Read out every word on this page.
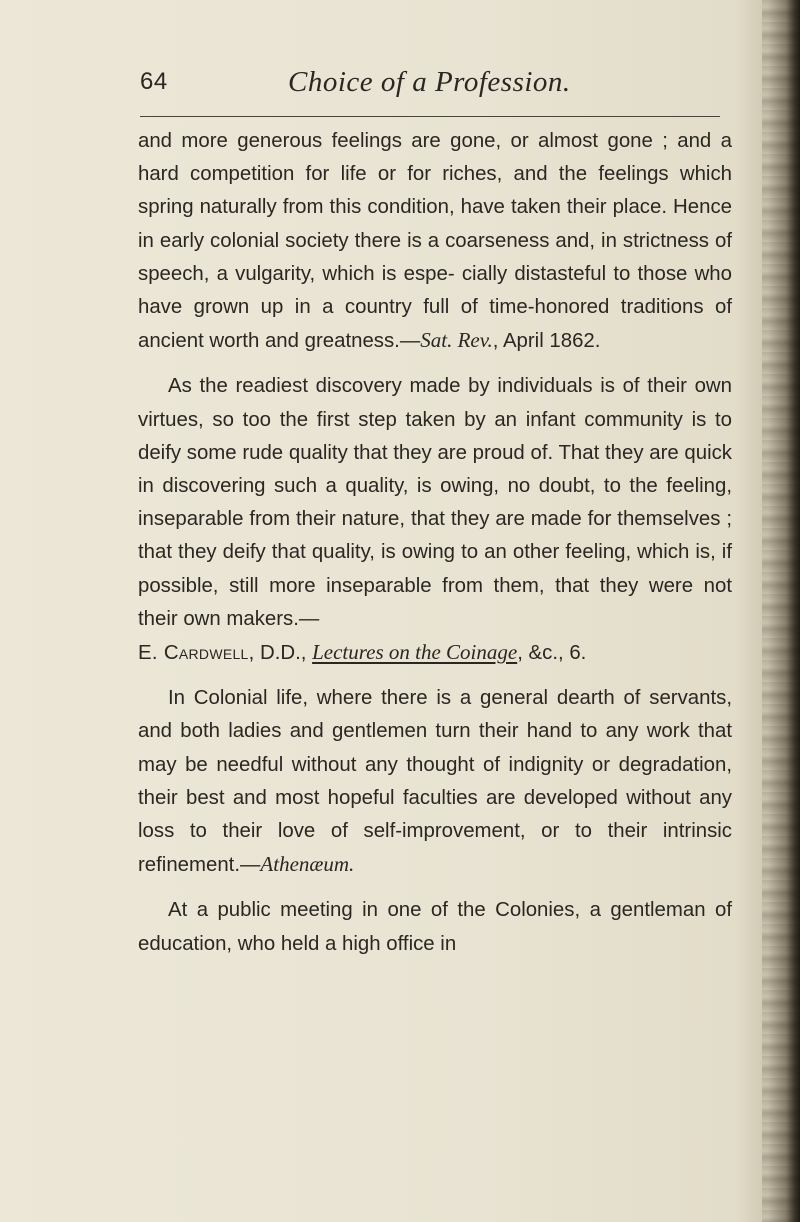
64	Choice of a Profession.

and more generous feelings are gone, or almost gone ; and a hard competition for life or for riches, and the feelings which spring naturally from this condition, have taken their place. Hence in early colonial society there is a coarseness and, in strictness of speech, a vulgarity, which is espe- cially distasteful to those who have grown up in a country full of time-honored traditions of ancient worth and greatness.—Sat. Rev., April 1862.

As the readiest discovery made by individuals is of their own virtues, so too the first step taken by an infant community is to deify some rude quality that they are proud of. That they are quick in discovering such a quality, is owing, no doubt, to the feeling, inseparable from their nature, that they are made for themselves ; that they deify that quality, is owing to an other feeling, which is, if possible, still more inseparable from them, that they were not their own makers.—
E. Cardwell, D.D., Lectures on the Coinage, &c., 6.

In Colonial life, where there is a general dearth of servants, and both ladies and gentlemen turn their hand to any work that may be needful without any thought of indignity or degradation, their best and most hopeful faculties are developed without any loss to their love of self-improvement, or to their intrinsic refinement.—Athenæum.

At a public meeting in one of the Colonies, a gentleman of education, who held a high office in
